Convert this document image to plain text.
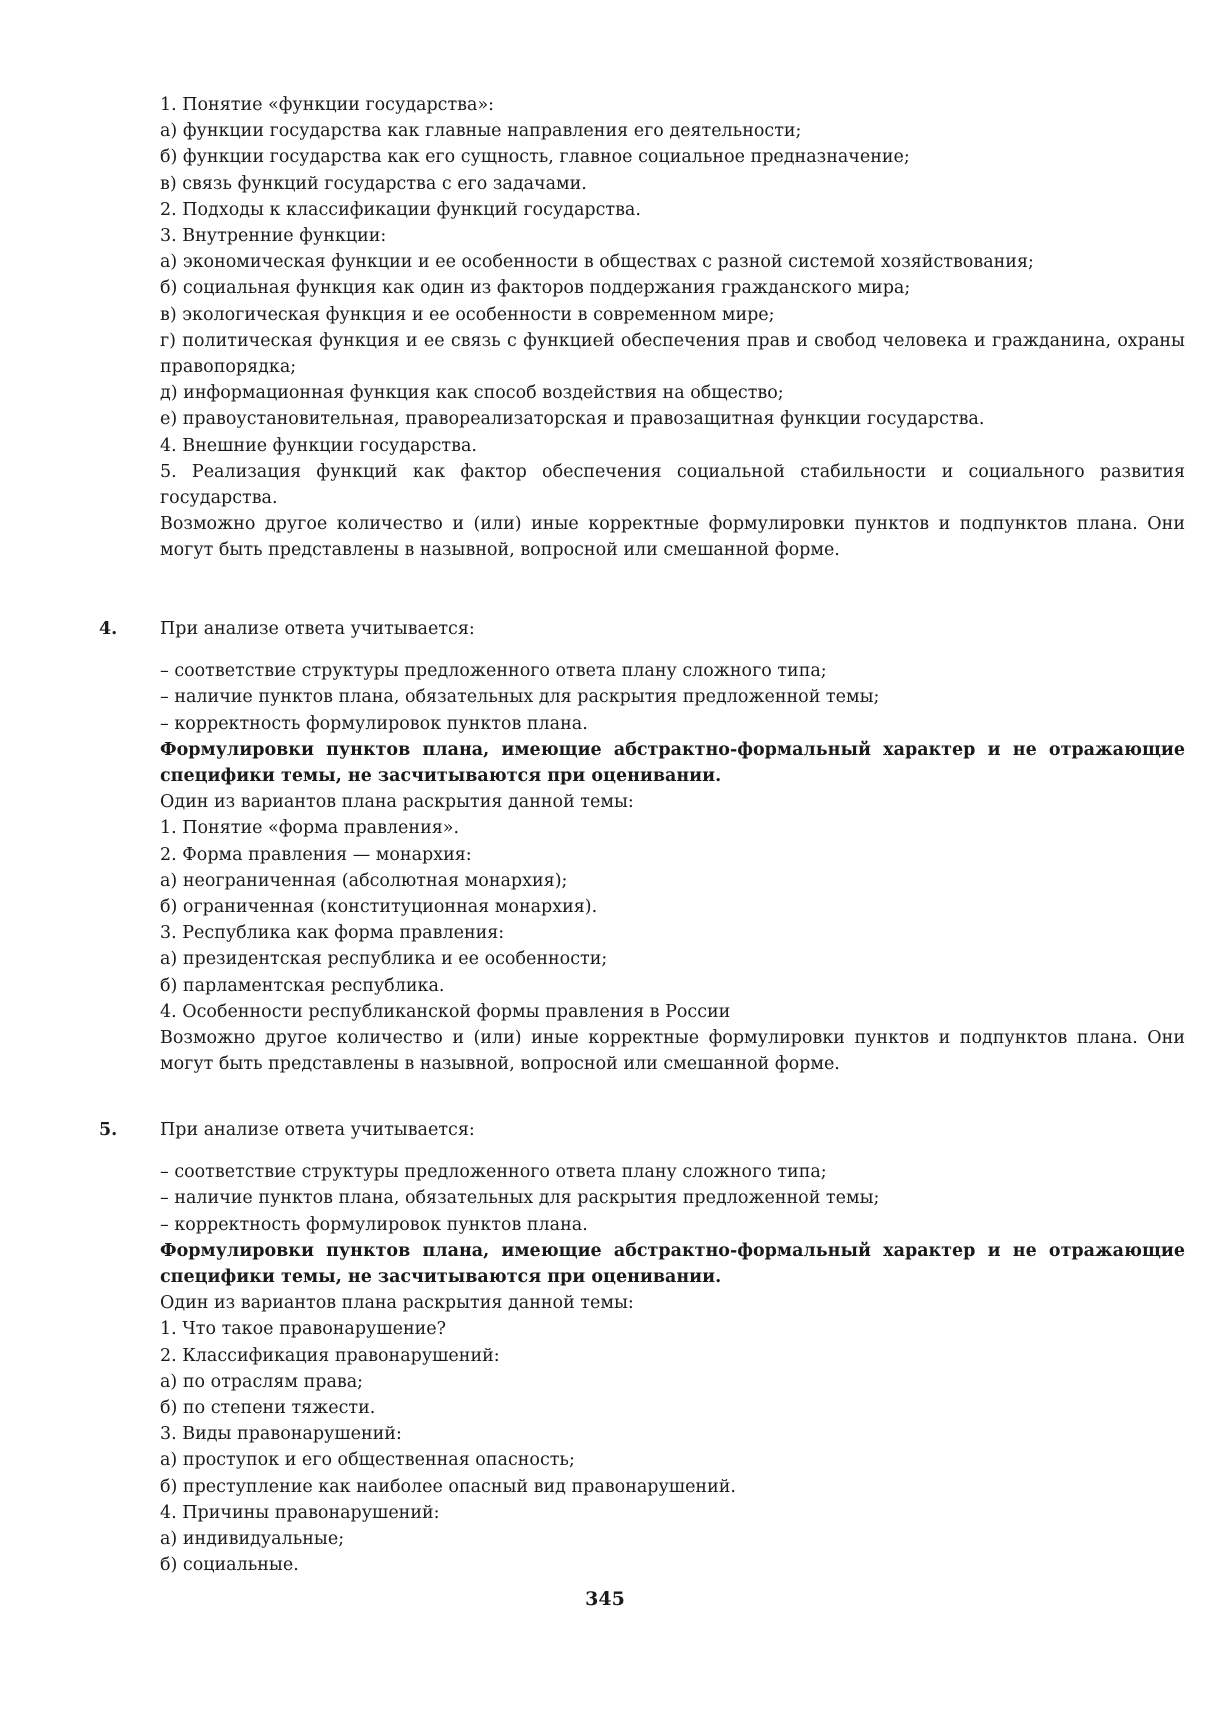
1. Понятие «функции государства»:

а) функции государства как главные направления его деятельности;

б) функции государства как его сущность, главное социальное предназначение;

в) связь функций государства с его задачами.

2. Подходы к классификации функций государства.

3. Внутренние функции:

а) экономическая функции и ее особенности в обществах с разной системой хозяйствования;

б) социальная функция как один из факторов поддержания гражданского мира;

в) экологическая функция и ее особенности в современном мире;

г) политическая функция и ее связь с функцией обеспечения прав и свобод человека и гражданина, охраны правопорядка;

д) информационная функция как способ воздействия на общество;

е) правоустановительная, правореализаторская и правозащитная функции государства.

4. Внешние функции государства.

5. Реализация функций как фактор обеспечения социальной стабильности и социального развития государства.

Возможно другое количество и (или) иные корректные формулировки пунктов и подпунктов плана. Они могут быть представлены в назывной, вопросной или смешанной форме.

4. При анализе ответа учитывается:

– соответствие структуры предложенного ответа плану сложного типа;

– наличие пунктов плана, обязательных для раскрытия предложенной темы;

– корректность формулировок пунктов плана.

Формулировки пунктов плана, имеющие абстрактно-формальный характер и не отражающие специфики темы, не засчитываются при оценивании.

Один из вариантов плана раскрытия данной темы:

1. Понятие «форма правления».

2. Форма правления — монархия:

а) неограниченная (абсолютная монархия);

б) ограниченная (конституционная монархия).

3. Республика как форма правления:

а) президентская республика и ее особенности;

б) парламентская республика.

4. Особенности республиканской формы правления в России

Возможно другое количество и (или) иные корректные формулировки пунктов и подпунктов плана. Они могут быть представлены в назывной, вопросной или смешанной форме.

5. При анализе ответа учитывается:

– соответствие структуры предложенного ответа плану сложного типа;

– наличие пунктов плана, обязательных для раскрытия предложенной темы;

– корректность формулировок пунктов плана.

Формулировки пунктов плана, имеющие абстрактно-формальный характер и не отражающие специфики темы, не засчитываются при оценивании.

Один из вариантов плана раскрытия данной темы:

1. Что такое правонарушение?

2. Классификация правонарушений:

а) по отраслям права;

б) по степени тяжести.

3. Виды правонарушений:

а) проступок и его общественная опасность;

б) преступление как наиболее опасный вид правонарушений.

4. Причины правонарушений:

а) индивидуальные;

б) социальные.

345
